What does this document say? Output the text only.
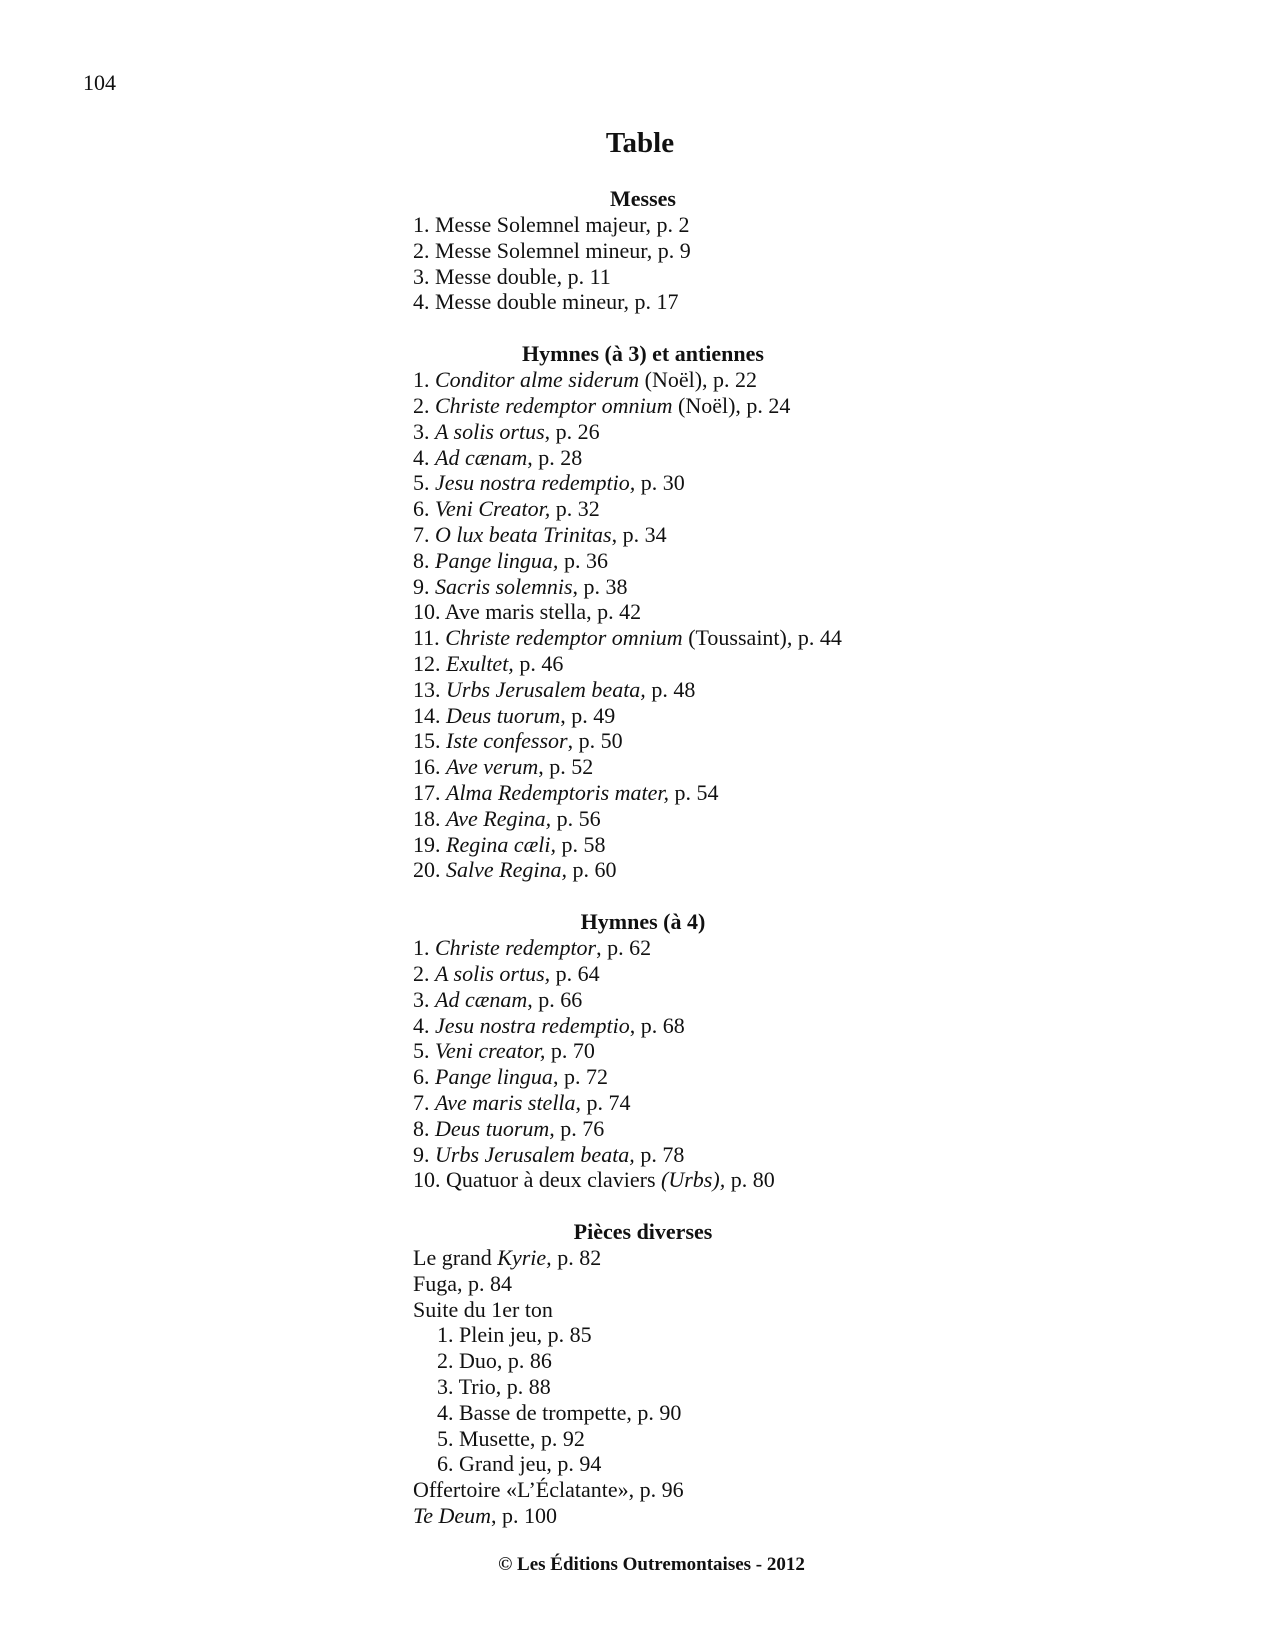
104
Table
Messes
1. Messe Solemnel majeur, p. 2
2. Messe Solemnel mineur, p. 9
3. Messe double, p. 11
4. Messe double mineur, p. 17
Hymnes (à 3) et antiennes
1. Conditor alme siderum (Noël), p. 22
2. Christe redemptor omnium (Noël), p. 24
3. A solis ortus, p. 26
4. Ad cænam, p. 28
5. Jesu nostra redemptio, p. 30
6. Veni Creator, p. 32
7. O lux beata Trinitas, p. 34
8. Pange lingua, p. 36
9. Sacris solemnis, p. 38
10. Ave maris stella, p. 42
11. Christe redemptor omnium (Toussaint), p. 44
12. Exultet, p. 46
13. Urbs Jerusalem beata, p. 48
14. Deus tuorum, p. 49
15. Iste confessor, p. 50
16. Ave verum, p. 52
17. Alma Redemptoris mater, p. 54
18. Ave Regina, p. 56
19. Regina cæli, p. 58
20. Salve Regina, p. 60
Hymnes (à 4)
1. Christe redemptor, p. 62
2. A solis ortus, p. 64
3. Ad cænam, p. 66
4. Jesu nostra redemptio, p. 68
5. Veni creator, p. 70
6. Pange lingua, p. 72
7. Ave maris stella, p. 74
8. Deus tuorum, p. 76
9. Urbs Jerusalem beata, p. 78
10. Quatuor à deux claviers (Urbs), p. 80
Pièces diverses
Le grand Kyrie, p. 82
Fuga, p. 84
Suite du 1er ton
1. Plein jeu, p. 85
2. Duo, p. 86
3. Trio, p. 88
4. Basse de trompette, p. 90
5. Musette, p. 92
6. Grand jeu, p. 94
Offertoire «L’Éclatante», p. 96
Te Deum, p. 100
© Les Éditions Outremontaises - 2012
